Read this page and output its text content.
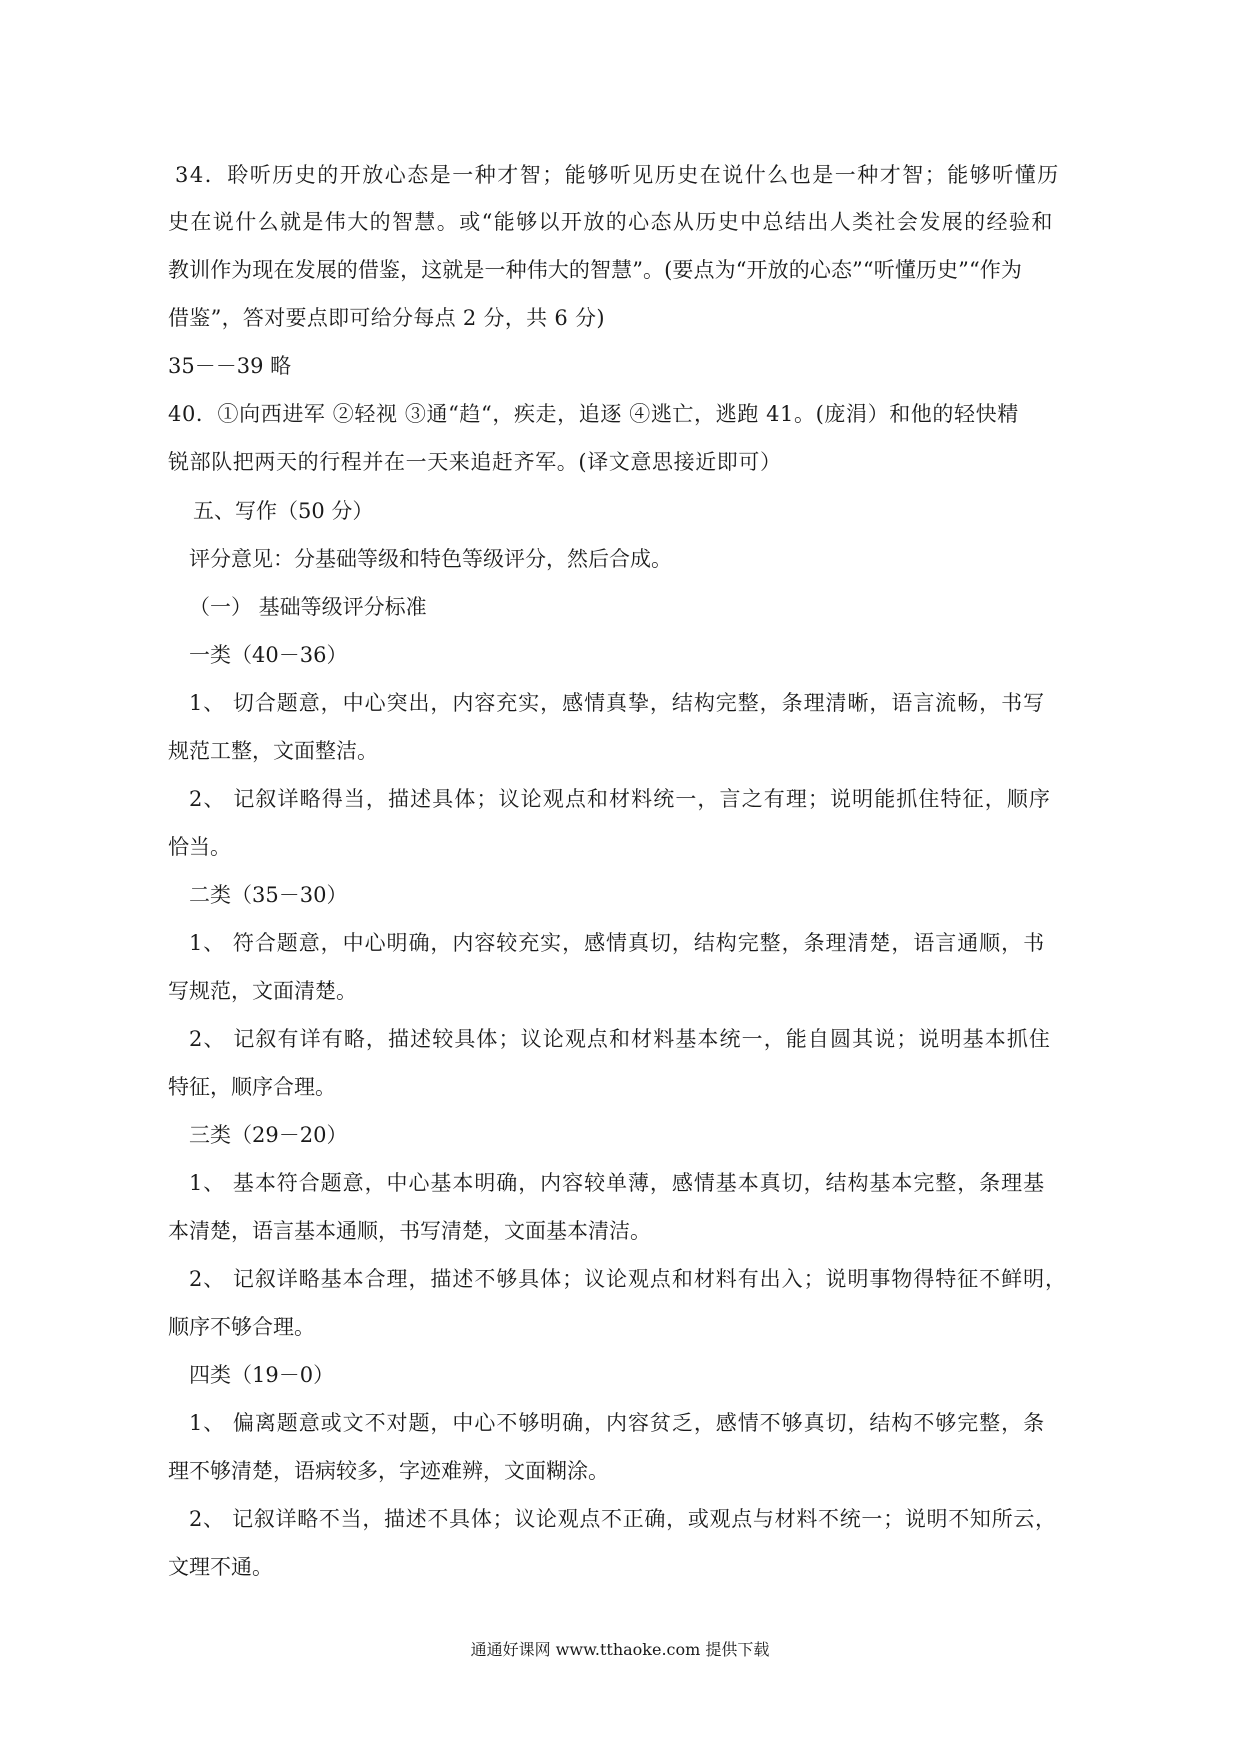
34．聆听历史的开放心态是一种才智；能够听见历史在说什么也是一种才智；能够听懂历
史在说什么就是伟大的智慧。或“能够以开放的心态从历史中总结出人类社会发展的经验和
教训作为现在发展的借鉴，这就是一种伟大的智慧”。(要点为“开放的心态”“听懂历史”“作为
借鉴”，答对要点即可给分每点 2 分，共 6 分)
35－－39 略
40．①向西进军 ②轻视 ③通“趋“，疾走，追逐 ④逃亡，逃跑 41。(庞涓）和他的轻快精
锐部队把两天的行程并在一天来追赶齐军。(译文意思接近即可）
五、写作（50 分）
评分意见：分基础等级和特色等级评分，然后合成。
（一） 基础等级评分标准
一类（40－36）
1、 切合题意，中心突出，内容充实，感情真挚，结构完整，条理清晰，语言流畅，书写
规范工整，文面整洁。
2、 记叙详略得当，描述具体；议论观点和材料统一，言之有理；说明能抓住特征，顺序
恰当。
二类（35－30）
1、 符合题意，中心明确，内容较充实，感情真切，结构完整，条理清楚，语言通顺，书
写规范，文面清楚。
2、 记叙有详有略，描述较具体；议论观点和材料基本统一，能自圆其说；说明基本抓住
特征，顺序合理。
三类（29－20）
1、 基本符合题意，中心基本明确，内容较单薄，感情基本真切，结构基本完整，条理基
本清楚，语言基本通顺，书写清楚，文面基本清洁。
2、 记叙详略基本合理，描述不够具体；议论观点和材料有出入；说明事物得特征不鲜明，
顺序不够合理。
四类（19－0）
1、 偏离题意或文不对题，中心不够明确，内容贫乏，感情不够真切，结构不够完整，条
理不够清楚，语病较多，字迹难辨，文面糊涂。
2、 记叙详略不当，描述不具体；议论观点不正确，或观点与材料不统一；说明不知所云，
文理不通。
通通好课网 www.tthaoke.com 提供下载
